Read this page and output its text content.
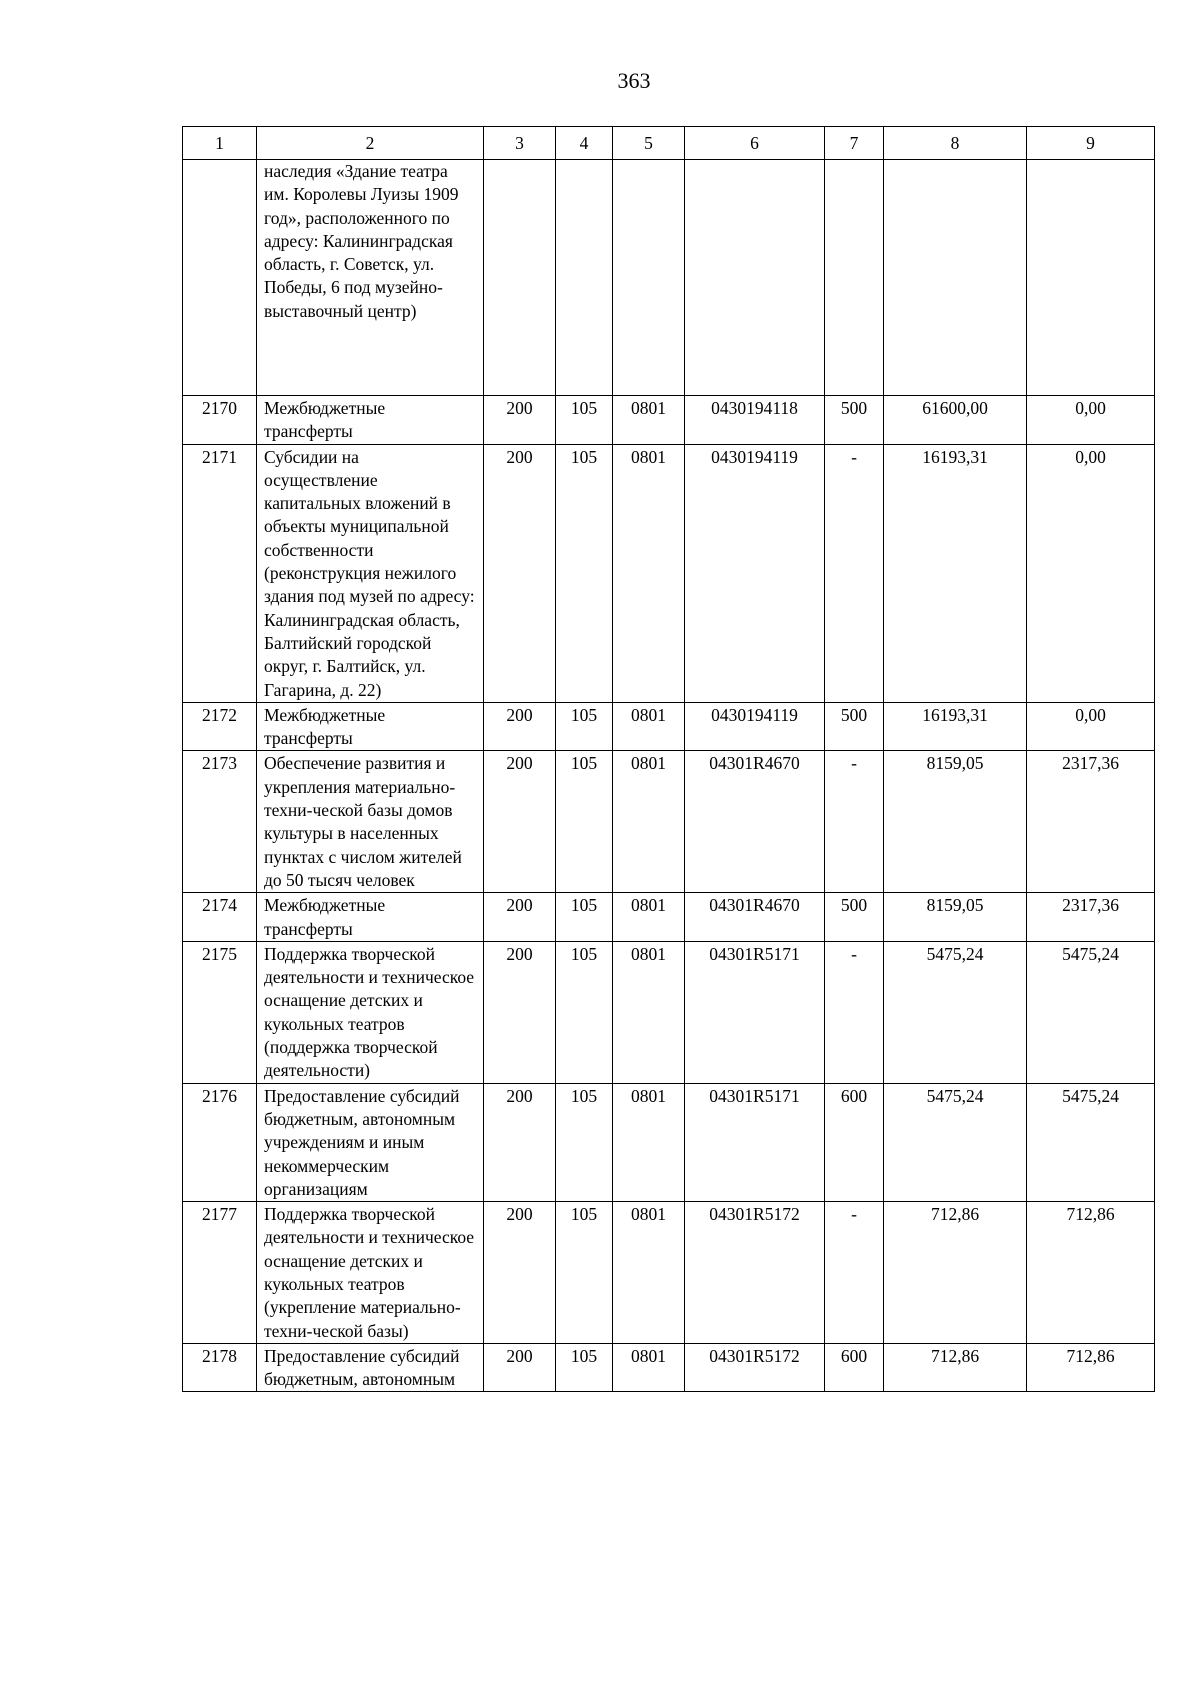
363
1	2	3	4	5	6	7	8	9
	наследия «Здание театра им. Королевы Луизы 1909 год», расположенного по адресу: Калининградская область, г. Советск, ул. Победы, 6 под музейно-выставочный центр)							
2170	Межбюджетные трансферты	200	105	0801	0430194118	500	61600,00	0,00
2171	Субсидии на осуществление капитальных вложений в объекты муниципальной собственности (реконструкция нежилого здания под музей по адресу: Калининградская область, Балтийский городской округ, г. Балтийск, ул. Гагарина, д. 22)	200	105	0801	0430194119	-	16193,31	0,00
2172	Межбюджетные трансферты	200	105	0801	0430194119	500	16193,31	0,00
2173	Обеспечение развития и укрепления материально-техни-ческой базы домов культуры в населенных пунктах с числом жителей до 50 тысяч человек	200	105	0801	04301R4670	-	8159,05	2317,36
2174	Межбюджетные трансферты	200	105	0801	04301R4670	500	8159,05	2317,36
2175	Поддержка творческой деятельности и техническое оснащение детских и кукольных театров (поддержка творческой деятельности)	200	105	0801	04301R5171	-	5475,24	5475,24
2176	Предоставление субсидий бюджетным, автономным учреждениям и иным некоммерческим организациям	200	105	0801	04301R5171	600	5475,24	5475,24
2177	Поддержка творческой деятельности и техническое оснащение детских и кукольных театров (укрепление материально-техни-ческой базы)	200	105	0801	04301R5172	-	712,86	712,86
2178	Предоставление субсидий бюджетным, автономным	200	105	0801	04301R5172	600	712,86	712,86
